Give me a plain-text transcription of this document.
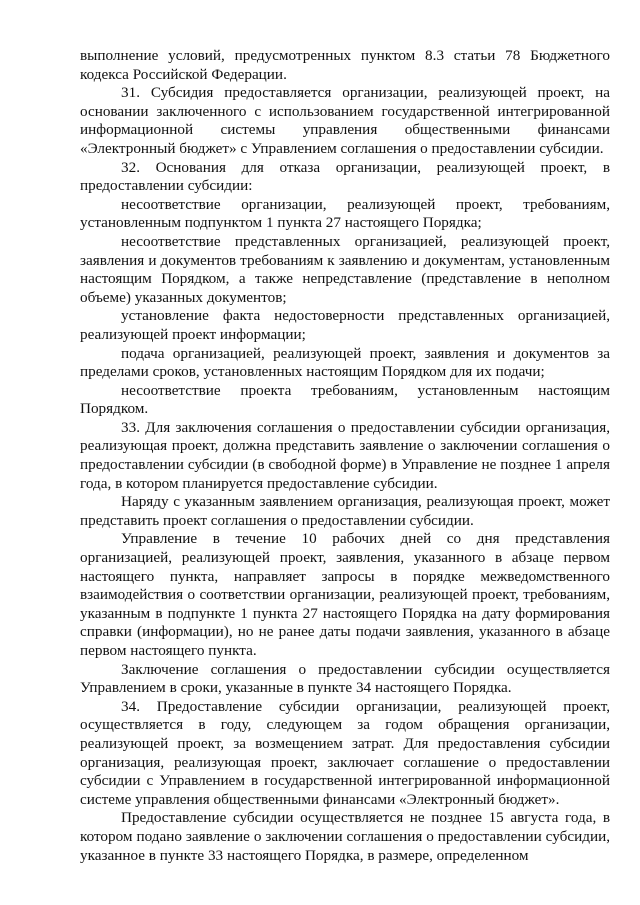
выполнение условий, предусмотренных пунктом 8.3 статьи 78 Бюджетного кодекса Российской Федерации.

31. Субсидия предоставляется организации, реализующей проект, на основании заключенного с использованием государственной интегрированной информационной системы управления общественными финансами «Электронный бюджет» с Управлением соглашения о предоставлении субсидии.

32. Основания для отказа организации, реализующей проект, в предоставлении субсидии:

несоответствие организации, реализующей проект, требованиям, установленным подпунктом 1 пункта 27 настоящего Порядка;

несоответствие представленных организацией, реализующей проект, заявления и документов требованиям к заявлению и документам, установленным настоящим Порядком, а также непредставление (представление в неполном объеме) указанных документов;

установление факта недостоверности представленных организацией, реализующей проект информации;

подача организацией, реализующей проект, заявления и документов за пределами сроков, установленных настоящим Порядком для их подачи;

несоответствие проекта требованиям, установленным настоящим Порядком.

33. Для заключения соглашения о предоставлении субсидии организация, реализующая проект, должна представить заявление о заключении соглашения о предоставлении субсидии (в свободной форме) в Управление не позднее 1 апреля года, в котором планируется предоставление субсидии.

Наряду с указанным заявлением организация, реализующая проект, может представить проект соглашения о предоставлении субсидии.

Управление в течение 10 рабочих дней со дня представления организацией, реализующей проект, заявления, указанного в абзаце первом настоящего пункта, направляет запросы в порядке межведомственного взаимодействия о соответствии организации, реализующей проект, требованиям, указанным в подпункте 1 пункта 27 настоящего Порядка на дату формирования справки (информации), но не ранее даты подачи заявления, указанного в абзаце первом настоящего пункта.

Заключение соглашения о предоставлении субсидии осуществляется Управлением в сроки, указанные в пункте 34 настоящего Порядка.

34. Предоставление субсидии организации, реализующей проект, осуществляется в году, следующем за годом обращения организации, реализующей проект, за возмещением затрат. Для предоставления субсидии организация, реализующая проект, заключает соглашение о предоставлении субсидии с Управлением в государственной интегрированной информационной системе управления общественными финансами «Электронный бюджет».

Предоставление субсидии осуществляется не позднее 15 августа года, в котором подано заявление о заключении соглашения о предоставлении субсидии, указанное в пункте 33 настоящего Порядка, в размере, определенном
